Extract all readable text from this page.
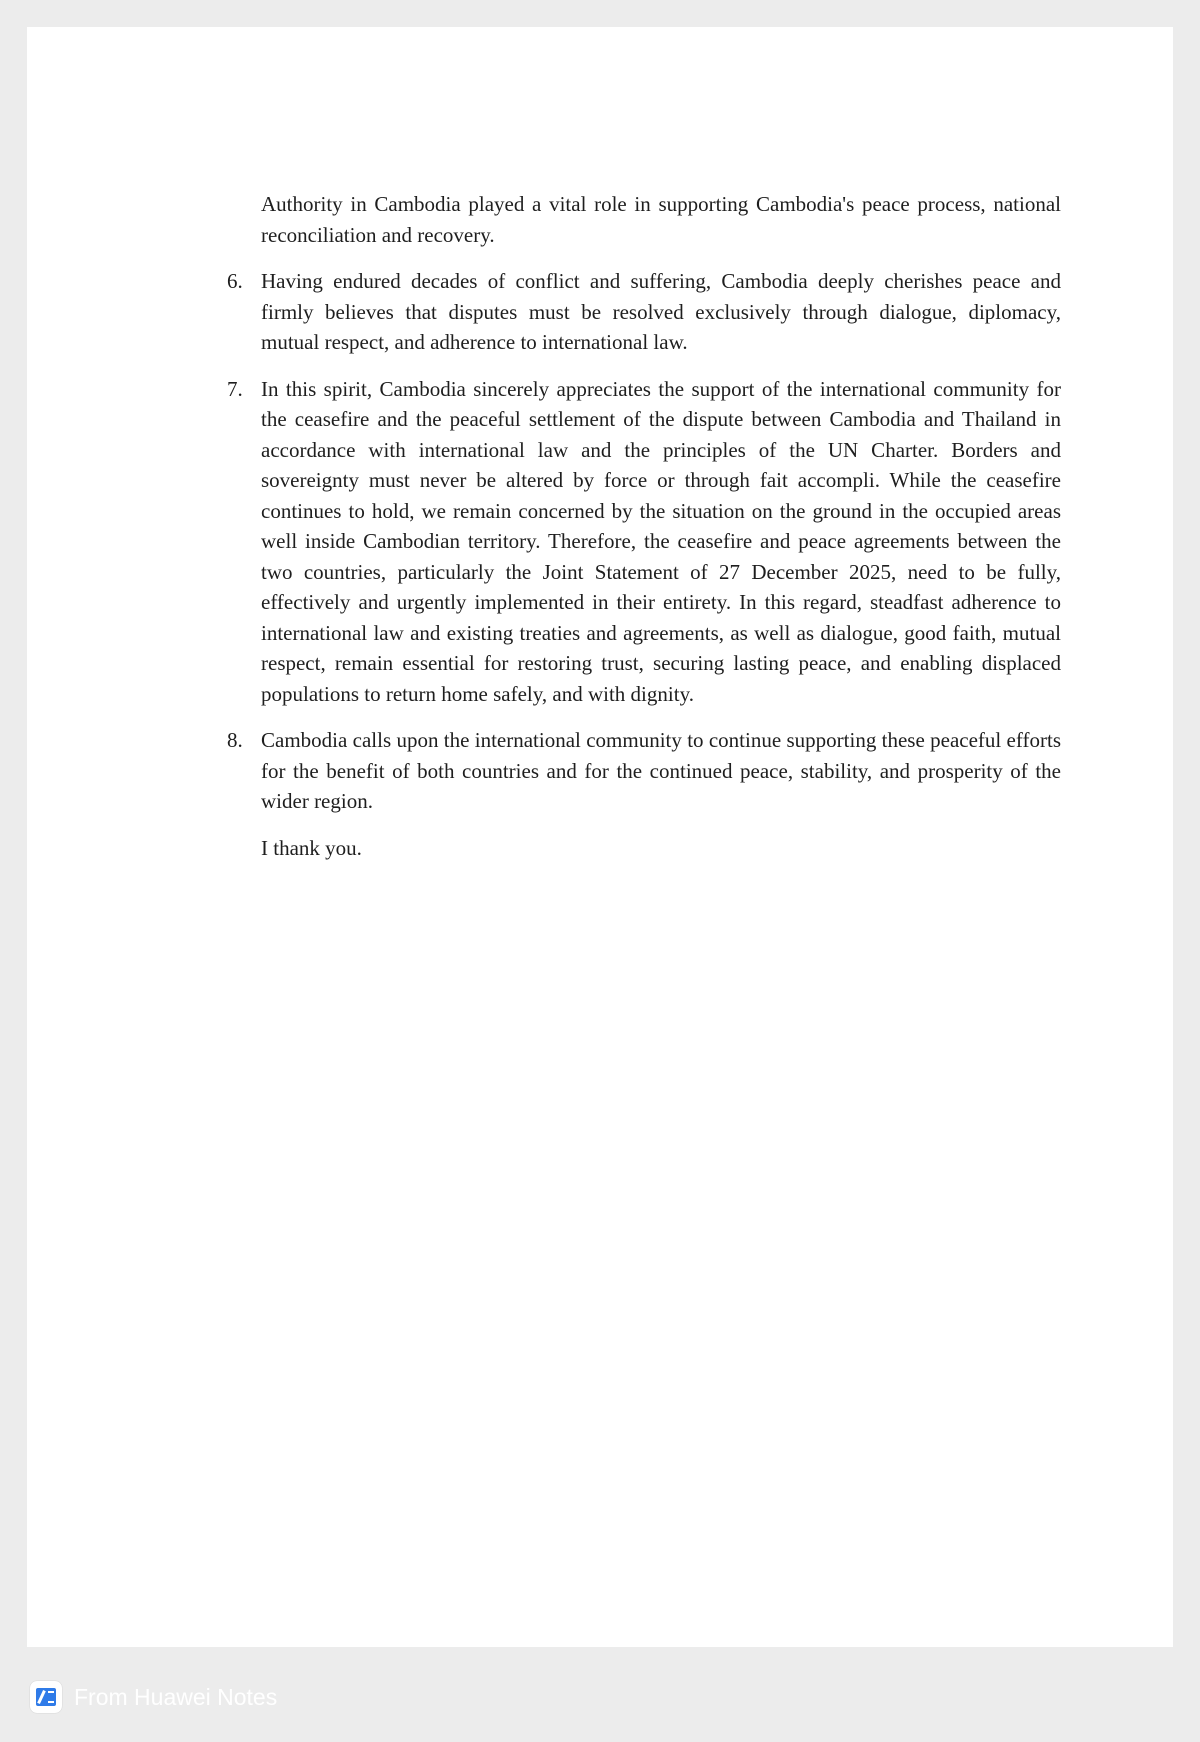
Authority in Cambodia played a vital role in supporting Cambodia's peace process, national reconciliation and recovery.

6. Having endured decades of conflict and suffering, Cambodia deeply cherishes peace and firmly believes that disputes must be resolved exclusively through dialogue, diplomacy, mutual respect, and adherence to international law.

7. In this spirit, Cambodia sincerely appreciates the support of the international community for the ceasefire and the peaceful settlement of the dispute between Cambodia and Thailand in accordance with international law and the principles of the UN Charter. Borders and sovereignty must never be altered by force or through fait accompli. While the ceasefire continues to hold, we remain concerned by the situation on the ground in the occupied areas well inside Cambodian territory. Therefore, the ceasefire and peace agreements between the two countries, particularly the Joint Statement of 27 December 2025, need to be fully, effectively and urgently implemented in their entirety. In this regard, steadfast adherence to international law and existing treaties and agreements, as well as dialogue, good faith, mutual respect, remain essential for restoring trust, securing lasting peace, and enabling displaced populations to return home safely, and with dignity.

8. Cambodia calls upon the international community to continue supporting these peaceful efforts for the benefit of both countries and for the continued peace, stability, and prosperity of the wider region.

I thank you.

From Huawei Notes
